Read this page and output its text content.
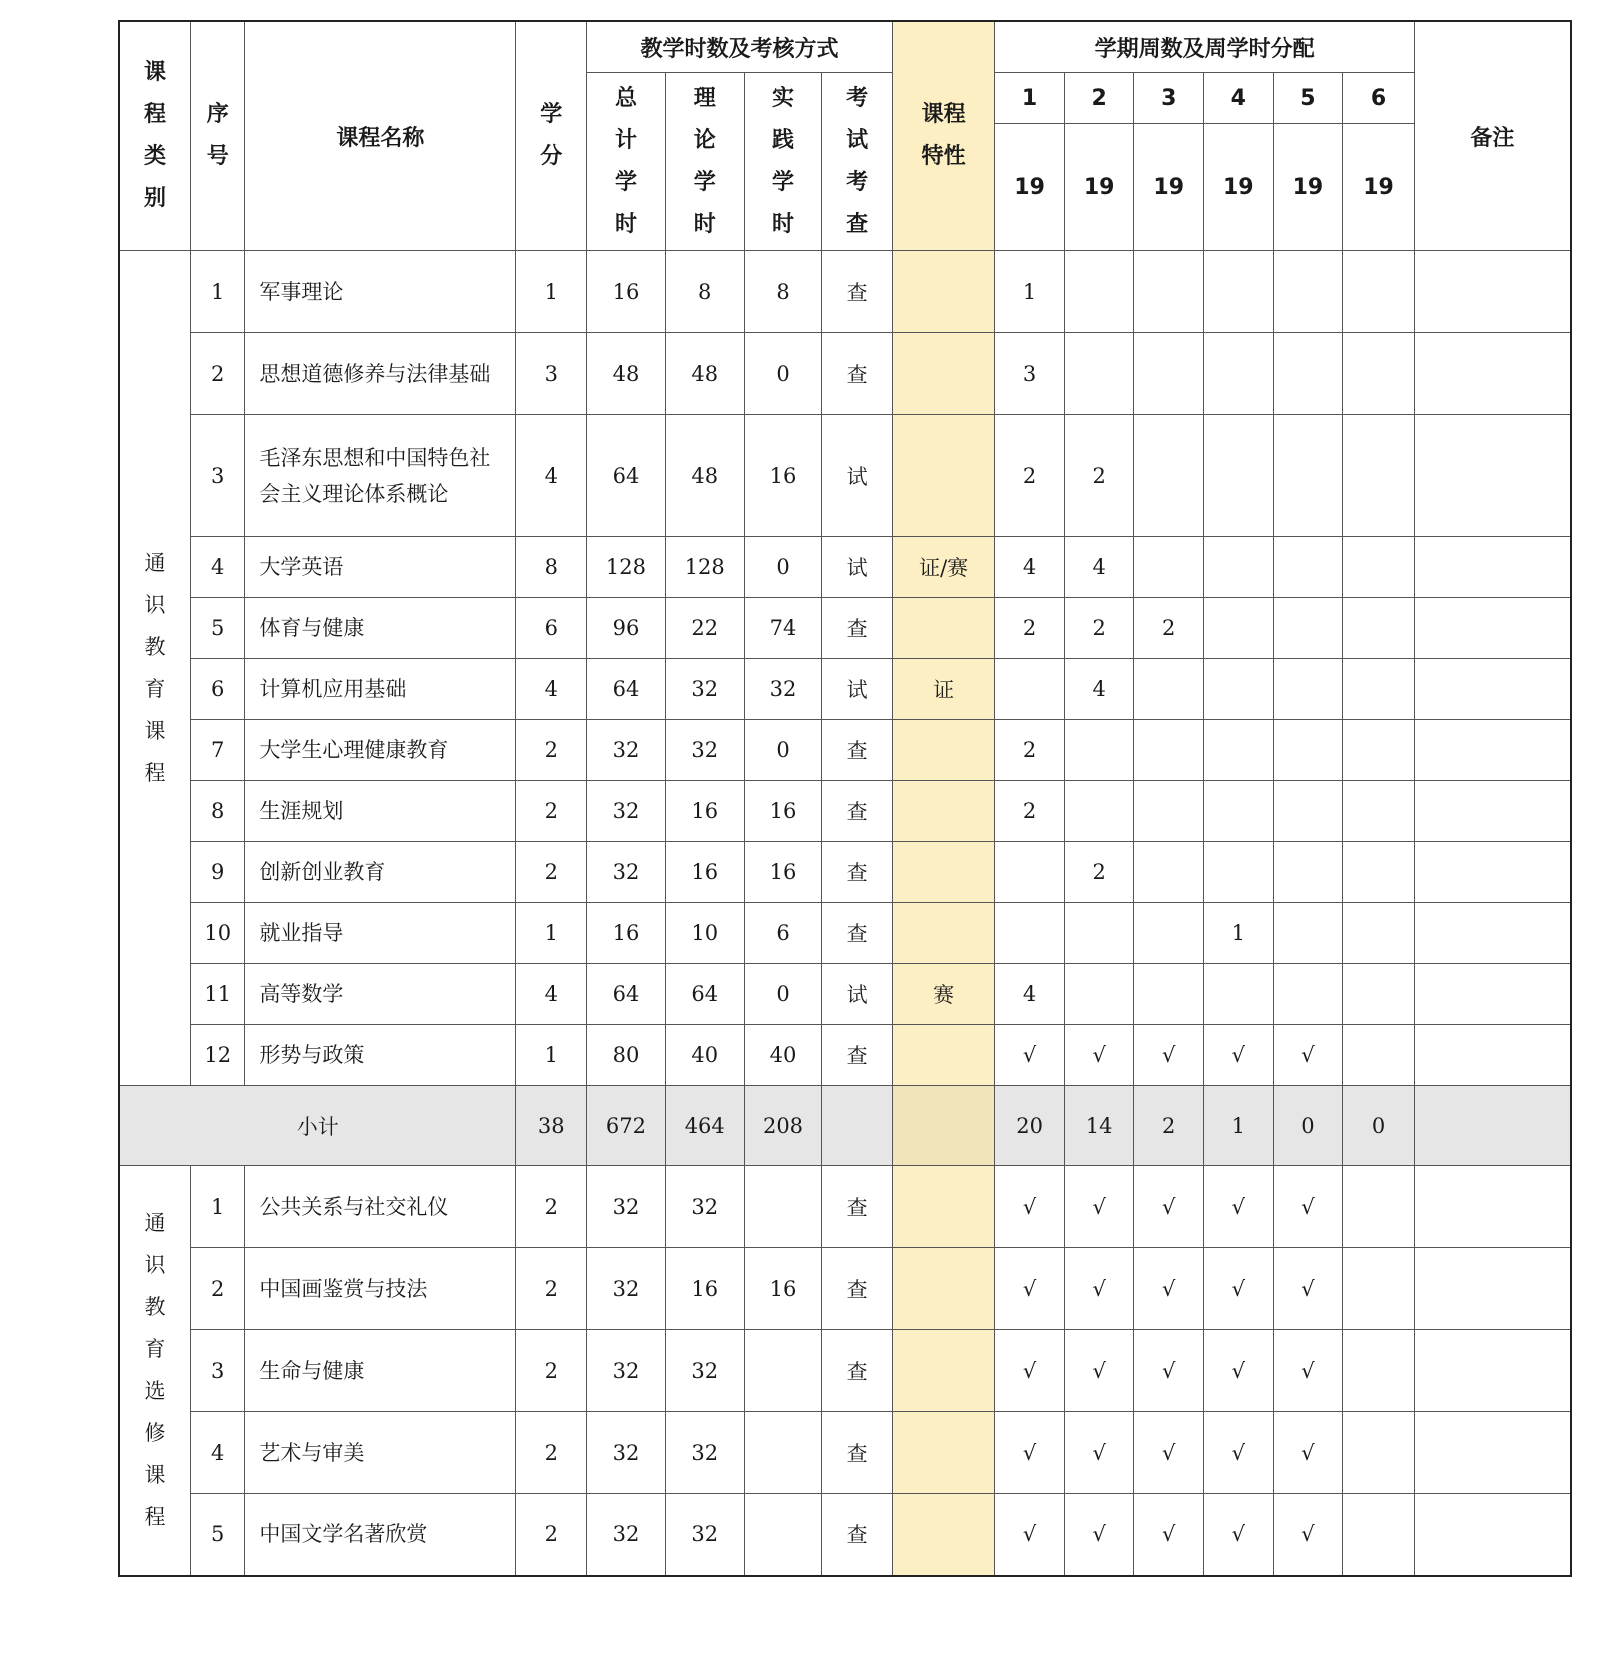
课程类别	序号	课程名称	学分	教学时数及考核方式				课程特性	学期周数及周学时分配						备注
				总计学时	理论学时	实践学时	考试考查		1	2	3	4	5	6	
									19	19	19	19	19	19	
通识教育课程	1	军事理论	1	16	8	8	查		1						
	2	思想道德修养与法律基础	3	48	48	0	查		3						
	3	毛泽东思想和中国特色社会主义理论体系概论	4	64	48	16	试		2	2					
	4	大学英语	8	128	128	0	试	证/赛	4	4					
	5	体育与健康	6	96	22	74	查		2	2	2				
	6	计算机应用基础	4	64	32	32	试	证		4					
	7	大学生心理健康教育	2	32	32	0	查		2						
	8	生涯规划	2	32	16	16	查		2						
	9	创新创业教育	2	32	16	16	查			2					
	10	就业指导	1	16	10	6	查					1			
	11	高等数学	4	64	64	0	试	赛	4						
	12	形势与政策	1	80	40	40	查		√	√	√	√	√		
小计			38	672	464	208			20	14	2	1	0	0	
通识教育选修课程	1	公共关系与社交礼仪	2	32	32		查		√	√	√	√	√		
	2	中国画鉴赏与技法	2	32	16	16	查		√	√	√	√	√		
	3	生命与健康	2	32	32		查		√	√	√	√	√		
	4	艺术与审美	2	32	32		查		√	√	√	√	√		
	5	中国文学名著欣赏	2	32	32		查		√	√	√	√	√		
